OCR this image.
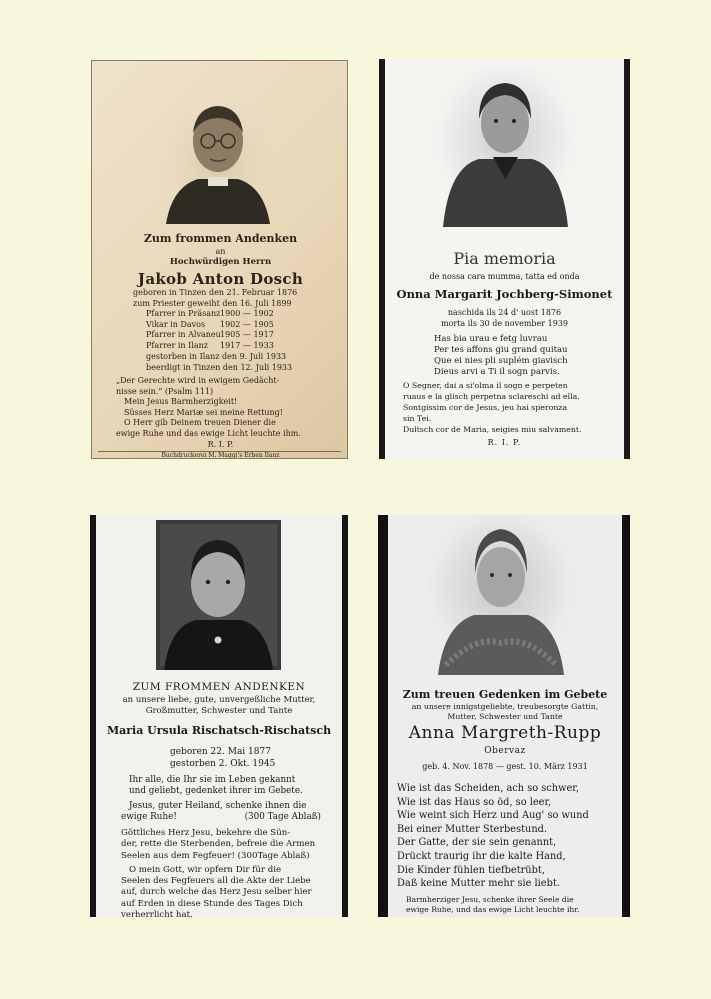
Zum frommen Andenken
an
Hochwürdigen Herrn
Jakob Anton Dosch
geboren in Tinzen den 21. Februar 1876
zum Priester geweiht den 16. Juli 1899
Pfarrer in Präsanz 1900 — 1902
Vikar in Davos	1902 — 1905
Pfarrer in Alvaneu 1905 — 1917
Pfarrer in Ilanz	1917 — 1933
gestorben in Ilanz den 9. Juli 1933
beerdigt in Tinzen den 12. Juli 1933
„Der Gerechte wird in ewigem Gedächt-
nisse sein.“ (Psalm 111)
Mein Jesus Barmherzigkeit!
Süsses Herz Mariæ sei meine Rettung!
O Herr gib Deinem treuen Diener die
ewige Ruhe und das ewige Licht leuchte ihm.
R. I. P.
Buchdruckerei M. Maggi's Erben Ilanz
Pia memoria
de nossa cara mumma, tatta ed onda
Onna Margarit Jochberg-Simonet
naschida ils 24 d' uost 1876
morta ils 30 de november 1939
Has bia urau e fetg luvrau
Per tes affons giu grand quitau
Que ei nies pli suplém giavisch
Dieus arvi a Ti il sogn parvis.
O Segner, dai a si'olma il sogn e perpeten
ruaus e la glisch perpetna sclareschi ad ella.
Sontgissim cor de Jesus, jeu hai speronza
sin Tei.
Dultsch cor de Maria, seigies miu salvament.
R. I. P.
ZUM FROMMEN ANDENKEN
an unsere liebe, gute, unvergeßliche Mutter,
Großmutter, Schwester und Tante
Maria Ursula Rischatsch-Rischatsch
geboren 22. Mai 1877
gestorben 2. Okt. 1945
Ihr alle, die Ihr sie im Leben gekannt
und geliebt, gedenket ihrer im Gebete.
Jesus, guter Heiland, schenke ihnen die
ewige Ruhe!	(300 Tage Ablaß)
Göttliches Herz Jesu, bekehre die Sün-
der, rette die Sterbenden, befreie die Armen
Seelen aus dem Fegfeuer! (300Tage Ablaß)
O mein Gott, wir opfern Dir für die
Seelen des Fegfeuers all die Akte der Liebe
auf, durch welche das Herz Jesu selber hier
auf Erden in diese Stunde des Tages Dich
verherrlicht hat.
Zum treuen Gedenken im Gebete
an unsere innigstgeliebte, treubesorgte Gattin,
Mutter, Schwester und Tante
Anna Margreth-Rupp
Obervaz
geb. 4. Nov. 1878 — gest. 10. März 1931
Wie ist das Scheiden, ach so schwer,
Wie ist das Haus so öd, so leer,
Wie weint sich Herz und Aug' so wund
Bei einer Mutter Sterbestund.
Der Gatte, der sie sein genannt,
Drückt traurig ihr die kalte Hand,
Die Kinder fühlen tiefbetrübt,
Daß keine Mutter mehr sie liebt.
Barmherziger Jesu, schenke ihrer Seele die
ewige Ruhe, und das ewige Licht leuchte ihr.
